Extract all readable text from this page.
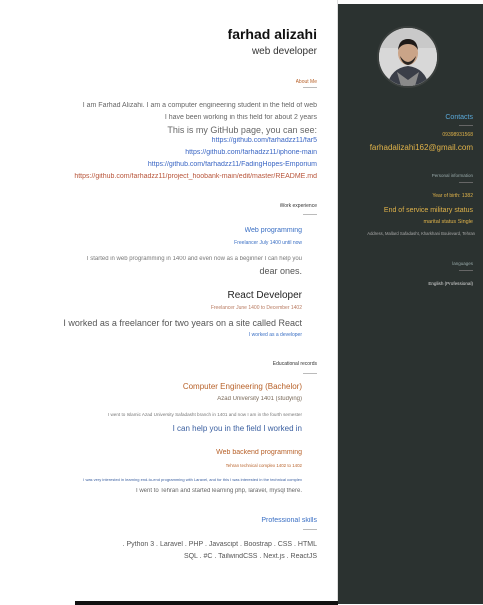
farhad alizahi
web developer
About Me
I am Farhad Alizahi. I am a computer engineering student in the field of web
I have been working in this field for about 2 years
This is my GitHub page, you can see:
https://github.com/farhadzz11/far5
https://github.com/farhadzz11/iphone-main
https://github.com/farhadzz11/FadingHopes-Emporium
https://github.com/farhadzz11/project_hoobank-main/edit/master/README.md
Work experience
Web programming
Freelancer July 1400 until now
I started in web programming in 1400 and even now as a beginner I can help you
dear ones.
React Developer
Freelancer June 1400 to December 1402
I worked as a freelancer for two years on a site called React
I worked as a developer
Educational records
Computer Engineering (Bachelor)
Azad University 1401 (studying)
I went to Islamic Azad University Safadasht branch in 1401 and now I am in the fourth semester
I can help you in the field I worked in
Web backend programming
Tehran technical complex 1402 to 1402
I was very interested in learning end-to-end programming with Laravel, and for this I was interested in the technical complex
I went to Tehran and started learning php, laravel, mysql there.
Professional skills
. Python 3 . Laravel . PHP . Javascipt . Boostrap . CSS . HTML
SQL . #C . TailwindCSS . Next.js . ReactJS
Contacts
09398931568
farhadalizahi162@gmail.com
Personal information
Year of birth: 1382
End of service military status
marital status Single
Address, Mallard Safadasht, Kharkhani Boulevard, Tehran
languages
English (Professional)
